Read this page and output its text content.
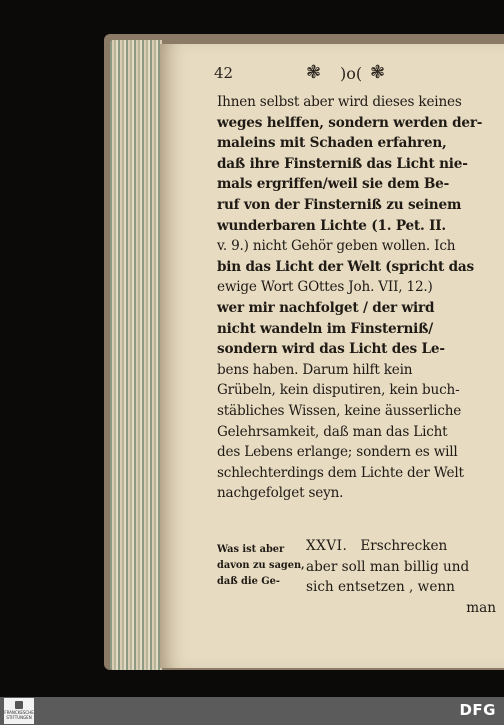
42	❃ )o( ❃
Ihnen selbst aber wird dieses keines
weges helffen, sondern werden der-
maleins mit Schaden erfahren,
daß ihre Finsterniß das Licht nie-
mals ergriffen/weil sie dem Be-
ruf von der Finsterniß zu seinem
wunderbaren Lichte (1. Pet. II.
v. 9.) nicht Gehör geben wollen. Ich
bin das Licht der Welt (spricht das
ewige Wort GOttes Joh. VII, 12.)
wer mir nachfolget / der wird
nicht wandeln im Finsterniß/
sondern wird das Licht des Le-
bens haben. Darum hilft kein
Grübeln, kein disputiren, kein buch-
stäbliches Wissen, keine äusserliche
Gelehrsamkeit, daß man das Licht
des Lebens erlange; sondern es will
schlechterdings dem Lichte der Welt
nachgefolget seyn.
Was ist aber
davon zu sagen,
daß die Ge-
XXVI. Erschrecken
aber soll man billig und
sich entsetzen , wenn
man
FRANCKESCHE STIFTUNGEN	DFG
